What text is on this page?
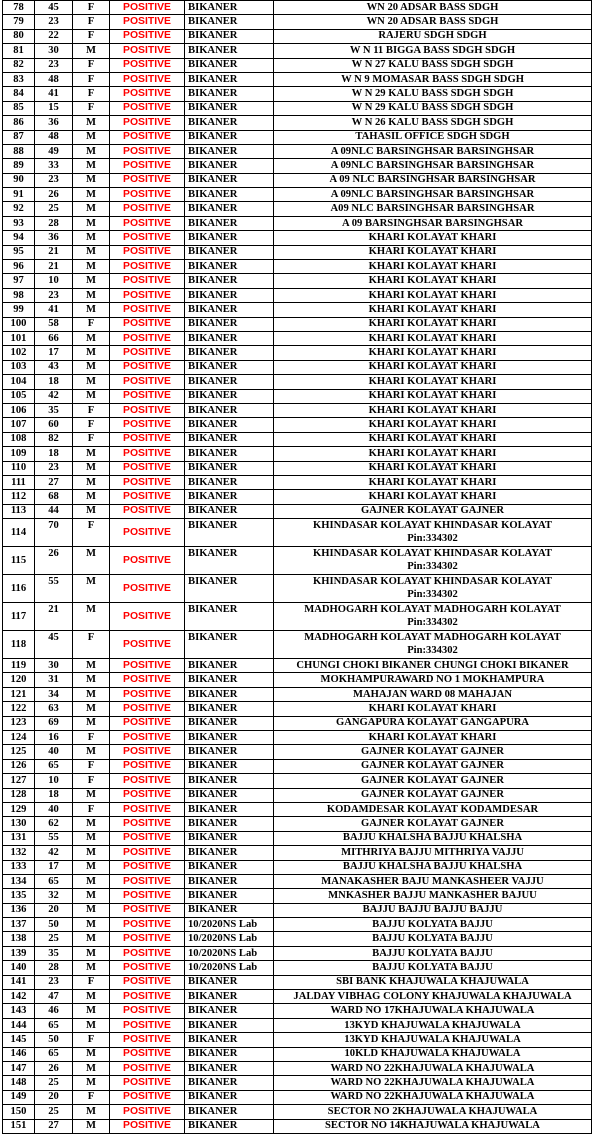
78	45	F	POSITIVE	BIKANER	WN 20 ADSAR BASS SDGH
79	23	F	POSITIVE	BIKANER	WN 20 ADSAR BASS SDGH
80	22	F	POSITIVE	BIKANER	RAJERU SDGH SDGH
81	30	M	POSITIVE	BIKANER	W N 11 BIGGA BASS SDGH SDGH
82	23	F	POSITIVE	BIKANER	W N 27 KALU BASS SDGH SDGH
83	48	F	POSITIVE	BIKANER	W N 9 MOMASAR BASS SDGH SDGH
84	41	F	POSITIVE	BIKANER	W N 29 KALU BASS SDGH SDGH
85	15	F	POSITIVE	BIKANER	W N 29 KALU BASS SDGH SDGH
86	36	M	POSITIVE	BIKANER	W N 26 KALU BASS SDGH SDGH
87	48	M	POSITIVE	BIKANER	TAHASIL OFFICE SDGH SDGH
88	49	M	POSITIVE	BIKANER	A 09NLC BARSINGHSAR BARSINGHSAR
89	33	M	POSITIVE	BIKANER	A 09NLC BARSINGHSAR BARSINGHSAR
90	23	M	POSITIVE	BIKANER	A 09 NLC BARSINGHSAR BARSINGHSAR
91	26	M	POSITIVE	BIKANER	A 09NLC BARSINGHSAR BARSINGHSAR
92	25	M	POSITIVE	BIKANER	A09 NLC BARSINGHSAR BARSINGHSAR
93	28	M	POSITIVE	BIKANER	A 09 BARSINGHSAR BARSINGHSAR
94	36	M	POSITIVE	BIKANER	KHARI KOLAYAT KHARI
95	21	M	POSITIVE	BIKANER	KHARI KOLAYAT KHARI
96	21	M	POSITIVE	BIKANER	KHARI KOLAYAT KHARI
97	10	M	POSITIVE	BIKANER	KHARI KOLAYAT KHARI
98	23	M	POSITIVE	BIKANER	KHARI KOLAYAT KHARI
99	41	M	POSITIVE	BIKANER	KHARI KOLAYAT KHARI
100	58	F	POSITIVE	BIKANER	KHARI KOLAYAT KHARI
101	66	M	POSITIVE	BIKANER	KHARI KOLAYAT KHARI
102	17	M	POSITIVE	BIKANER	KHARI KOLAYAT KHARI
103	43	M	POSITIVE	BIKANER	KHARI KOLAYAT KHARI
104	18	M	POSITIVE	BIKANER	KHARI KOLAYAT KHARI
105	42	M	POSITIVE	BIKANER	KHARI KOLAYAT KHARI
106	35	F	POSITIVE	BIKANER	KHARI KOLAYAT KHARI
107	60	F	POSITIVE	BIKANER	KHARI KOLAYAT KHARI
108	82	F	POSITIVE	BIKANER	KHARI KOLAYAT KHARI
109	18	M	POSITIVE	BIKANER	KHARI KOLAYAT KHARI
110	23	M	POSITIVE	BIKANER	KHARI KOLAYAT KHARI
111	27	M	POSITIVE	BIKANER	KHARI KOLAYAT KHARI
112	68	M	POSITIVE	BIKANER	KHARI KOLAYAT KHARI
113	44	M	POSITIVE	BIKANER	GAJNER KOLAYAT GAJNER
114	70	F	POSITIVE	BIKANER	KHINDASAR KOLAYAT KHINDASAR KOLAYAT
Pin:334302

115	26	M	POSITIVE	BIKANER	KHINDASAR KOLAYAT KHINDASAR KOLAYAT
Pin:334302

116	55	M	POSITIVE	BIKANER	KHINDASAR KOLAYAT KHINDASAR KOLAYAT
Pin:334302

117	21	M	POSITIVE	BIKANER	MADHOGARH KOLAYAT MADHOGARH KOLAYAT
Pin:334302

118	45	F	POSITIVE	BIKANER	MADHOGARH KOLAYAT MADHOGARH KOLAYAT
Pin:334302

119	30	M	POSITIVE	BIKANER	CHUNGI CHOKI BIKANER CHUNGI CHOKI BIKANER
120	31	M	POSITIVE	BIKANER	MOKHAMPURAWARD NO 1 MOKHAMPURA
121	34	M	POSITIVE	BIKANER	MAHAJAN WARD 08 MAHAJAN
122	63	M	POSITIVE	BIKANER	KHARI KOLAYAT KHARI
123	69	M	POSITIVE	BIKANER	GANGAPURA KOLAYAT GANGAPURA
124	16	F	POSITIVE	BIKANER	KHARI KOLAYAT KHARI
125	40	M	POSITIVE	BIKANER	GAJNER KOLAYAT GAJNER
126	65	F	POSITIVE	BIKANER	GAJNER KOLAYAT GAJNER
127	10	F	POSITIVE	BIKANER	GAJNER KOLAYAT GAJNER
128	18	M	POSITIVE	BIKANER	GAJNER KOLAYAT GAJNER
129	40	F	POSITIVE	BIKANER	KODAMDESAR KOLAYAT KODAMDESAR
130	62	M	POSITIVE	BIKANER	GAJNER KOLAYAT GAJNER
131	55	M	POSITIVE	BIKANER	BAJJU KHALSHA BAJJU KHALSHA
132	42	M	POSITIVE	BIKANER	MITHRIYA BAJJU MITHRIYA VAJJU
133	17	M	POSITIVE	BIKANER	BAJJU KHALSHA BAJJU KHALSHA
134	65	M	POSITIVE	BIKANER	MANAKASHER BAJU MANKASHEER VAJJU
135	32	M	POSITIVE	BIKANER	MNKASHER BAJJU MANKASHER BAJUU
136	20	M	POSITIVE	BIKANER	BAJJU BAJJU BAJJU BAJJU
137	50	M	POSITIVE	10/2020NS Lab	BAJJU KOLYATA BAJJU
138	25	M	POSITIVE	10/2020NS Lab	BAJJU KOLYATA BAJJU
139	35	M	POSITIVE	10/2020NS Lab	BAJJU KOLYATA BAJJU
140	28	M	POSITIVE	10/2020NS Lab	BAJJU KOLYATA BAJJU
141	23	F	POSITIVE	BIKANER	SBI BANK KHAJUWALA KHAJUWALA
142	47	M	POSITIVE	BIKANER	JALDAY VIBHAG COLONY KHAJUWALA KHAJUWALA
143	46	M	POSITIVE	BIKANER	WARD NO 17KHAJUWALA KHAJUWALA
144	65	M	POSITIVE	BIKANER	13KYD KHAJUWALA KHAJUWALA
145	50	F	POSITIVE	BIKANER	13KYD KHAJUWALA KHAJUWALA
146	65	M	POSITIVE	BIKANER	10KLD KHAJUWALA KHAJUWALA
147	26	M	POSITIVE	BIKANER	WARD NO 22KHAJUWALA KHAJUWALA
148	25	M	POSITIVE	BIKANER	WARD NO 22KHAJUWALA KHAJUWALA
149	20	F	POSITIVE	BIKANER	WARD NO 22KHAJUWALA KHAJUWALA
150	25	M	POSITIVE	BIKANER	SECTOR NO 2KHAJUWALA KHAJUWALA
151	27	M	POSITIVE	BIKANER	SECTOR NO 14KHAJUWALA KHAJUWALA
